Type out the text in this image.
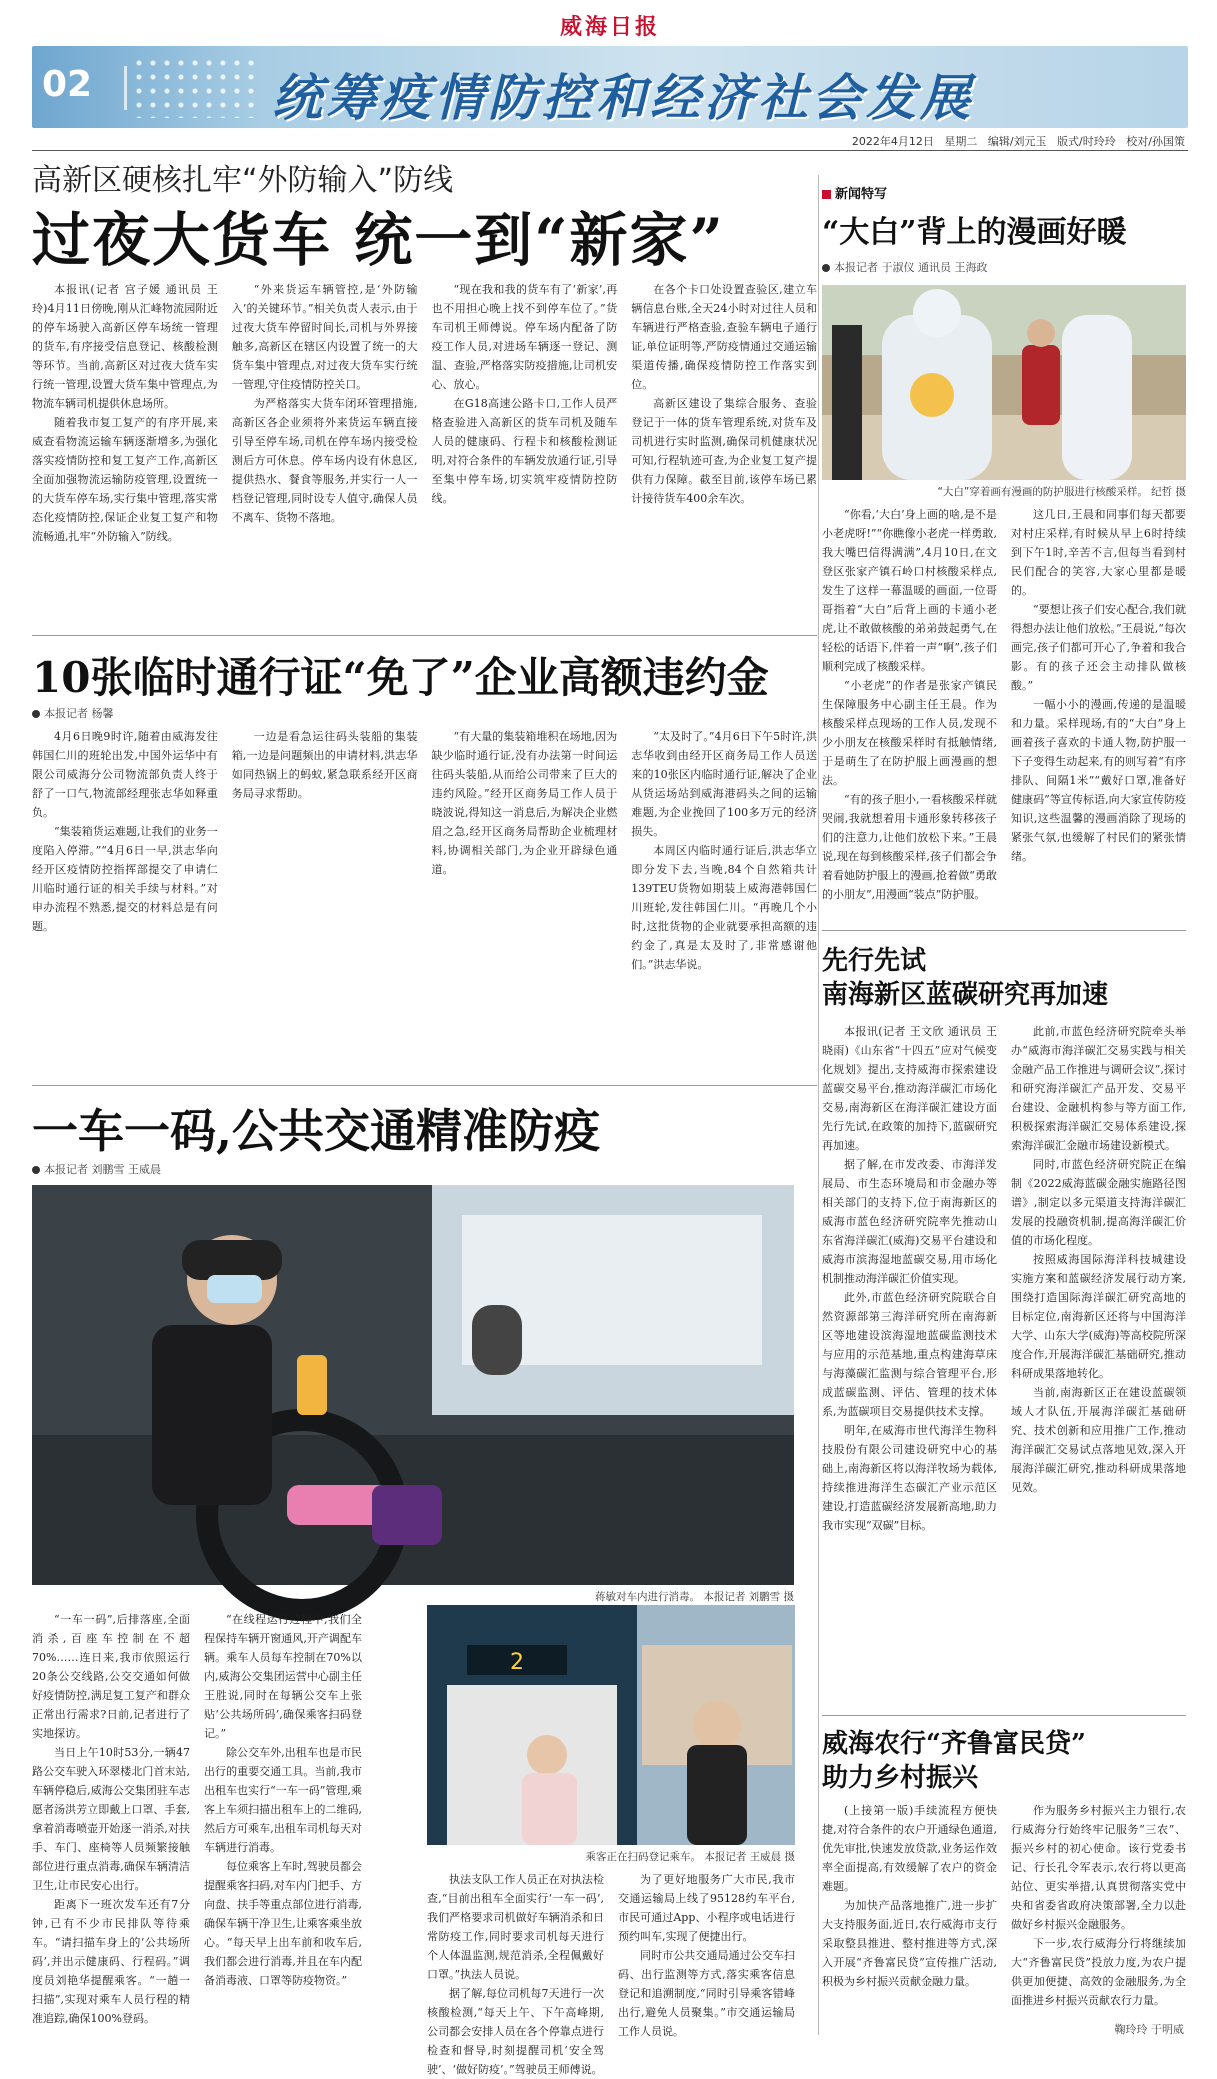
威海日报
02	统筹疫情防控和经济社会发展
2022年4月12日 星期二 编辑/刘元玉 版式/时玲玲 校对/孙国策
高新区硬核扎牢“外防输入”防线
过夜大货车 统一到“新家”

本报讯(记者 宫子媛 通讯员 王玲)4月11日傍晚,刚从汇峰物流园附近的停车场驶入高新区停车场统一管理的货车,有序接受信息登记、核酸检测等环节。当前,高新区对过夜大货车实行统一管理,设置大货车集中管理点,为物流车辆司机提供休息场所。

随着我市复工复产的有序开展,来威查看物流运输车辆逐渐增多,为强化落实疫情防控和复工复产工作,高新区全面加强物流运输防疫管理,设置统一的大货车停车场,实行集中管理,落实常态化疫情防控,保证企业复工复产和物流畅通,扎牢“外防输入”防线。

“外来货运车辆管控,是‘外防输入’的关键环节。”相关负责人表示,由于过夜大货车停留时间长,司机与外界接触多,高新区在辖区内设置了统一的大货车集中管理点,对过夜大货车实行统一管理,守住疫情防控关口。

为严格落实大货车闭环管理措施,高新区各企业须将外来货运车辆直接引导至停车场,司机在停车场内接受检测后方可休息。停车场内设有休息区,提供热水、餐食等服务,并实行一人一档登记管理,同时设专人值守,确保人员不离车、货物不落地。

“现在我和我的货车有了‘新家’,再也不用担心晚上找不到停车位了。”货车司机王师傅说。停车场内配备了防疫工作人员,对进场车辆逐一登记、测温、查验,严格落实防疫措施,让司机安心、放心。

在G18高速公路卡口,工作人员严格查验进入高新区的货车司机及随车人员的健康码、行程卡和核酸检测证明,对符合条件的车辆发放通行证,引导至集中停车场,切实筑牢疫情防控防线。

在各个卡口处设置查验区,建立车辆信息台账,全天24小时对过往人员和车辆进行严格查验,查验车辆电子通行证,单位证明等,严防疫情通过交通运输渠道传播,确保疫情防控工作落实到位。

高新区建设了集综合服务、查验登记于一体的货车管理系统,对货车及司机进行实时监测,确保司机健康状况可知,行程轨迹可查,为企业复工复产提供有力保障。截至目前,该停车场已累计接待货车400余车次。

10张临时通行证“免了”企业高额违约金
本报记者 杨馨

4月6日晚9时许,随着由威海发往韩国仁川的班轮出发,中国外运华中有限公司威海分公司物流部负责人终于舒了一口气,物流部经理张志华如释重负。

“集装箱货运难题,让我们的业务一度陷入停滞。”“4月6日一早,洪志华向经开区疫情防控指挥部提交了申请仁川临时通行证的相关手续与材料。”对申办流程不熟悉,提交的材料总是有问题。

一边是看急运往码头装船的集装箱,一边是问题频出的申请材料,洪志华如同热锅上的蚂蚁,紧急联系经开区商务局寻求帮助。

“有大量的集装箱堆积在场地,因为缺少临时通行证,没有办法第一时间运往码头装船,从而给公司带来了巨大的违约风险。”经开区商务局工作人员于晓波说,得知这一消息后,为解决企业燃眉之急,经开区商务局帮助企业梳理材料,协调相关部门,为企业开辟绿色通道。

“太及时了。”4月6日下午5时许,洪志华收到由经开区商务局工作人员送来的10张区内临时通行证,解决了企业从货运场站到威海港码头之间的运输难题,为企业挽回了100多万元的经济损失。

本周区内临时通行证后,洪志华立即分发下去,当晚,84个自然箱共计139TEU货物如期装上威海港韩国仁川班轮,发往韩国仁川。“再晚几个小时,这批货物的企业就要承担高额的违约金了,真是太及时了,非常感谢他们。”洪志华说。

一车一码,公共交通精准防疫
本报记者 刘鹏雪 王威晨
蒋敏对车内进行消毒。 本报记者 刘鹏雪 摄

“一车一码”,后排落座,全面消杀,百座车控制在不超70%……连日来,我市依照运行20条公交线路,公交交通如何做好疫情防控,满足复工复产和群众正常出行需求?日前,记者进行了实地探访。

当日上午10时53分,一辆47路公交车驶入环翠楼北门首末站,车辆停稳后,威海公交集团驻车志愿者汤洪芳立即戴上口罩、手套,拿着消毒喷壶开始逐一消杀,对扶手、车门、座椅等人员频繁接触部位进行重点消毒,确保车辆清洁卫生,让市民安心出行。

距离下一班次发车还有7分钟,已有不少市民排队等待乘车。“请扫描车身上的‘公共场所码’,并出示健康码、行程码。”调度员刘艳华提醒乘客。“一趟一扫描”,实现对乘车人员行程的精准追踪,确保100%登码。

“在线程运行过程中,我们全程保持车辆开窗通风,开产调配车辆。乘车人员每车控制在70%以内,威海公交集团运营中心副主任王胜说,同时在每辆公交车上张贴‘公共场所码’,确保乘客扫码登记。”

除公交车外,出租车也是市民出行的重要交通工具。当前,我市出租车也实行“一车一码”管理,乘客上车须扫描出租车上的二维码,然后方可乘车,出租车司机每天对车辆进行消毒。

每位乘客上车时,驾驶员都会提醒乘客扫码,对车内门把手、方向盘、扶手等重点部位进行消毒,确保车辆干净卫生,让乘客乘坐放心。“每天早上出车前和收车后,我们都会进行消毒,并且在车内配备消毒液、口罩等防疫物资。”

2
乘客正在扫码登记乘车。 本报记者 王威晨 摄

执法支队工作人员正在对执法检查,“目前出租车全面实行‘一车一码’,我们严格要求司机做好车辆消杀和日常防疫工作,同时要求司机每天进行个人体温监测,规范消杀,全程佩戴好口罩。”执法人员说。

据了解,每位司机每7天进行一次核酸检测,“每天上午、下午高峰期,公司都会安排人员在各个停靠点进行检查和督导,时刻提醒司机‘安全驾驶’、‘做好防疫’。”驾驶员王师傅说。

为了更好地服务广大市民,我市交通运输局上线了95128约车平台,市民可通过App、小程序或电话进行预约叫车,实现了便捷出行。

同时市公共交通局通过公交车扫码、出行监测等方式,落实乘客信息登记和追溯制度,“同时引导乘客错峰出行,避免人员聚集。”市交通运输局工作人员说。

新闻特写
“大白”背上的漫画好暖
本报记者 于淑仪 通讯员 王海政
“大白”穿着画有漫画的防护服进行核酸采样。 纪哲 摄

“你看,‘大白’身上画的啥,是不是小老虎呀!”“你瞧像小老虎一样勇敢,我大嘴巴信得满满”,4月10日,在文登区张家产镇石岭口村核酸采样点,发生了这样一幕温暖的画面,一位哥哥指着“大白”后背上画的卡通小老虎,让不敢做核酸的弟弟鼓起勇气,在轻松的话语下,伴着一声“啊”,孩子们顺利完成了核酸采样。

“小老虎”的作者是张家产镇民生保障服务中心副主任王晨。作为核酸采样点现场的工作人员,发现不少小朋友在核酸采样时有抵触情绪,于是萌生了在防护服上画漫画的想法。

“有的孩子胆小,一看核酸采样就哭闹,我就想着用卡通形象转移孩子们的注意力,让他们放松下来。”王晨说,现在每到核酸采样,孩子们都会争着看她防护服上的漫画,抢着做“勇敢的小朋友”,用漫画“装点”防护服。

这几日,王晨和同事们每天都要对村庄采样,有时候从早上6时持续到下午1时,辛苦不言,但每当看到村民们配合的笑容,大家心里都是暖的。

“要想让孩子们安心配合,我们就得想办法让他们放松。”王晨说,“每次画完,孩子们都可开心了,争着和我合影。有的孩子还会主动排队做核酸。”

一幅小小的漫画,传递的是温暖和力量。采样现场,有的“大白”身上画着孩子喜欢的卡通人物,防护服一下子变得生动起来,有的则写着“有序排队、间隔1米”“戴好口罩,准备好健康码”等宣传标语,向大家宣传防疫知识,这些温馨的漫画消除了现场的紧张气氛,也缓解了村民们的紧张情绪。

先行先试
南海新区蓝碳研究再加速

本报讯(记者 王文欣 通讯员 王晓雨)《山东省“十四五”应对气候变化规划》提出,支持威海市探索建设蓝碳交易平台,推动海洋碳汇市场化交易,南海新区在海洋碳汇建设方面先行先试,在政策的加持下,蓝碳研究再加速。

据了解,在市发改委、市海洋发展局、市生态环境局和市金融办等相关部门的支持下,位于南海新区的威海市蓝色经济研究院率先推动山东省海洋碳汇(威海)交易平台建设和威海市滨海湿地蓝碳交易,用市场化机制推动海洋碳汇价值实现。

此外,市蓝色经济研究院联合自然资源部第三海洋研究所在南海新区等地建设滨海湿地蓝碳监测技术与应用的示范基地,重点构建海草床与海藻碳汇监测与综合管理平台,形成蓝碳监测、评估、管理的技术体系,为蓝碳项目交易提供技术支撑。

明年,在威海市世代海洋生物科技股份有限公司建设研究中心的基础上,南海新区将以海洋牧场为载体,持续推进海洋生态碳汇产业示范区建设,打造蓝碳经济发展新高地,助力我市实现“双碳”目标。

此前,市蓝色经济研究院牵头举办“威海市海洋碳汇交易实践与相关金融产品工作推进与调研会议”,探讨和研究海洋碳汇产品开发、交易平台建设、金融机构参与等方面工作,积极探索海洋碳汇交易体系建设,探索海洋碳汇金融市场建设新模式。

同时,市蓝色经济研究院正在编制《2022威海蓝碳金融实施路径图谱》,制定以多元渠道支持海洋碳汇发展的投融资机制,提高海洋碳汇价值的市场化程度。

按照威海国际海洋科技城建设实施方案和蓝碳经济发展行动方案,围绕打造国际海洋碳汇研究高地的目标定位,南海新区还将与中国海洋大学、山东大学(威海)等高校院所深度合作,开展海洋碳汇基础研究,推动科研成果落地转化。

当前,南海新区正在建设蓝碳领域人才队伍,开展海洋碳汇基础研究、技术创新和应用推广工作,推动海洋碳汇交易试点落地见效,深入开展海洋碳汇研究,推动科研成果落地见效。

威海农行“齐鲁富民贷”
助力乡村振兴

(上接第一版)手续流程方便快捷,对符合条件的农户开通绿色通道,优先审批,快速发放贷款,业务运作效率全面提高,有效缓解了农户的资金难题。

为加快产品落地推广,进一步扩大支持服务面,近日,农行威海市支行采取整县推进、整村推进等方式,深入开展“齐鲁富民贷”宣传推广活动,积极为乡村振兴贡献金融力量。

作为服务乡村振兴主力银行,农行威海分行始终牢记服务“三农”、振兴乡村的初心使命。该行党委书记、行长孔令军表示,农行将以更高站位、更实举措,认真贯彻落实党中央和省委省政府决策部署,全力以赴做好乡村振兴金融服务。

下一步,农行威海分行将继续加大“齐鲁富民贷”投放力度,为农户提供更加便捷、高效的金融服务,为全面推进乡村振兴贡献农行力量。

鞠玲玲 于明威
